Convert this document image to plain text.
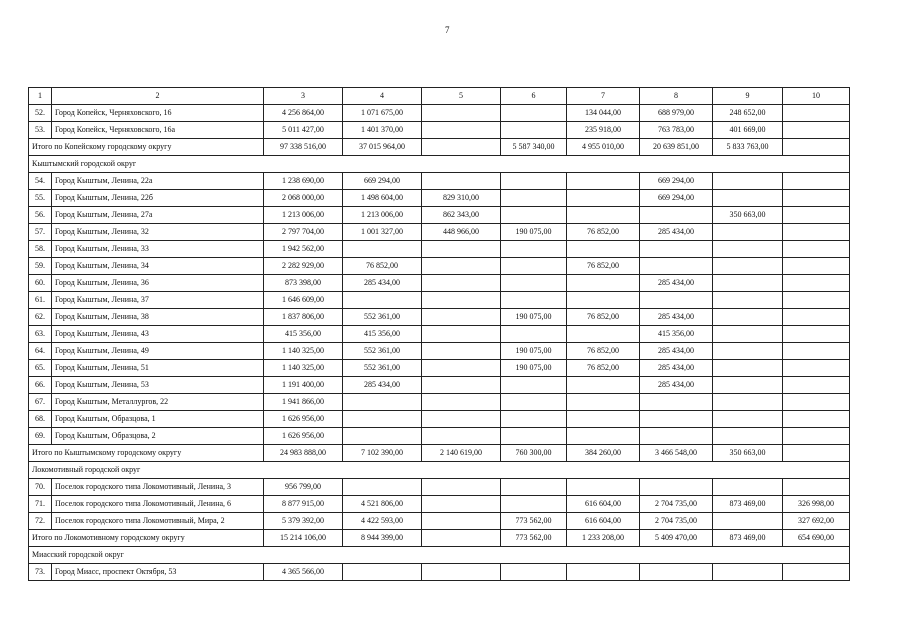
7
1	2	3	4	5	6	7	8	9	10
52.	Город Копейск, Черняховского, 16	4 256 864,00	1 071 675,00			134 044,00	688 979,00	248 652,00	
53.	Город Копейск, Черняховского, 16а	5 011 427,00	1 401 370,00			235 918,00	763 783,00	401 669,00	
Итого по Копейскому городскому округу		97 338 516,00	37 015 964,00		5 587 340,00	4 955 010,00	20 639 851,00	5 833 763,00	
Кыштымский городской округ									
54.	Город Кыштым, Ленина, 22а	1 238 690,00	669 294,00				669 294,00		
55.	Город Кыштым, Ленина, 22б	2 068 000,00	1 498 604,00	829 310,00			669 294,00		
56.	Город Кыштым, Ленина, 27а	1 213 006,00	1 213 006,00	862 343,00				350 663,00	
57.	Город Кыштым, Ленина, 32	2 797 704,00	1 001 327,00	448 966,00	190 075,00	76 852,00	285 434,00		
58.	Город Кыштым, Ленина, 33	1 942 562,00							
59.	Город Кыштым, Ленина, 34	2 282 929,00	76 852,00			76 852,00			
60.	Город Кыштым, Ленина, 36	873 398,00	285 434,00				285 434,00		
61.	Город Кыштым, Ленина, 37	1 646 609,00							
62.	Город Кыштым, Ленина, 38	1 837 806,00	552 361,00		190 075,00	76 852,00	285 434,00		
63.	Город Кыштым, Ленина, 43	415 356,00	415 356,00				415 356,00		
64.	Город Кыштым, Ленина, 49	1 140 325,00	552 361,00		190 075,00	76 852,00	285 434,00		
65.	Город Кыштым, Ленина, 51	1 140 325,00	552 361,00		190 075,00	76 852,00	285 434,00		
66.	Город Кыштым, Ленина, 53	1 191 400,00	285 434,00				285 434,00		
67.	Город Кыштым, Металлургов, 22	1 941 866,00							
68.	Город Кыштым, Образцова, 1	1 626 956,00							
69.	Город Кыштым, Образцова, 2	1 626 956,00							
Итого по Кыштымскому городскому округу		24 983 888,00	7 102 390,00	2 140 619,00	760 300,00	384 260,00	3 466 548,00	350 663,00	
Локомотивный городской округ									
70.	Поселок городского типа Локомотивный, Ленина, 3	956 799,00							
71.	Поселок городского типа Локомотивный, Ленина, 6	8 877 915,00	4 521 806,00			616 604,00	2 704 735,00	873 469,00	326 998,00
72.	Поселок городского типа Локомотивный, Мира, 2	5 379 392,00	4 422 593,00		773 562,00	616 604,00	2 704 735,00		327 692,00
Итого по Локомотивному городскому округу		15 214 106,00	8 944 399,00		773 562,00	1 233 208,00	5 409 470,00	873 469,00	654 690,00
Миасский городской округ									
73.	Город Миасс, проспект Октября, 53	4 365 566,00							
